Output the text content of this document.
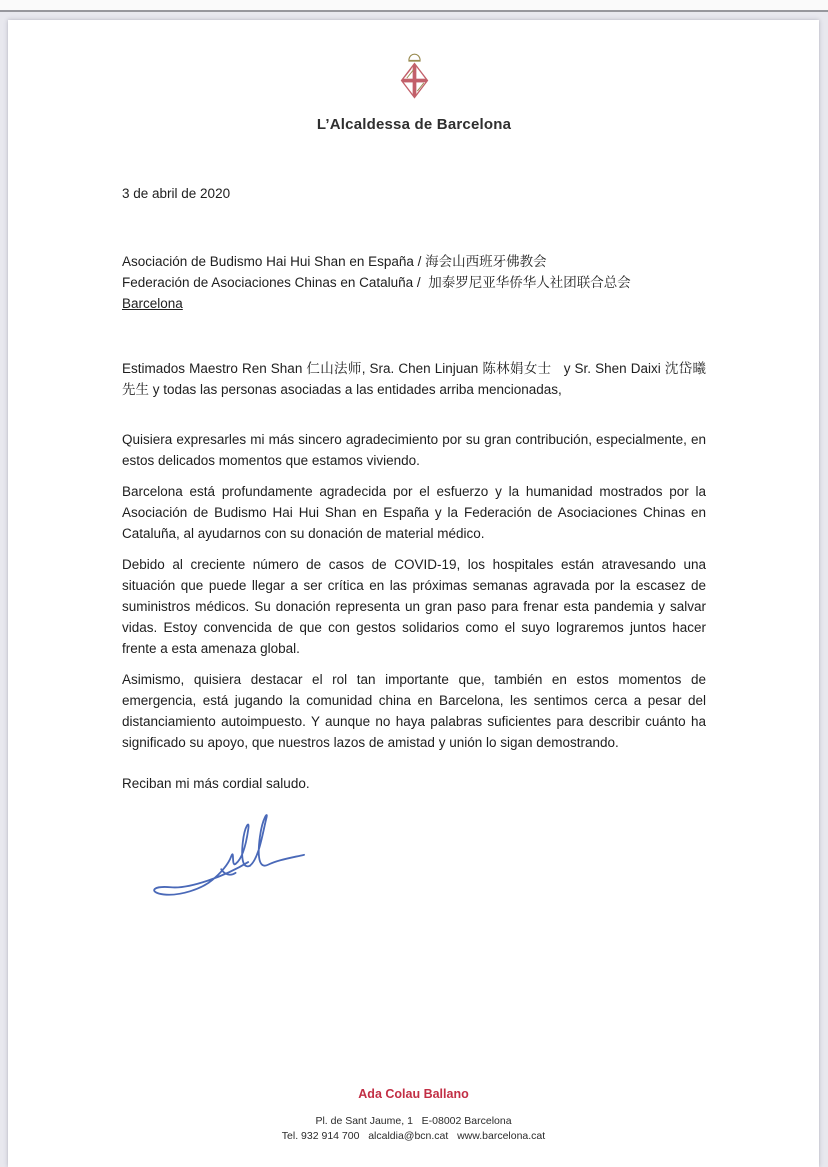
L’Alcaldessa de Barcelona
3 de abril de 2020
Asociación de Budismo Hai Hui Shan en España / 海会山西班牙佛教会
Federación de Asociaciones Chinas en Cataluña /  加泰罗尼亚华侨华人社团联合总会
Barcelona

Estimados Maestro Ren Shan 仁山法师, Sra. Chen Linjuan 陈林娟女士   y Sr. Shen Daixi 沈岱曦先生 y todas las personas asociadas a las entidades arriba mencionadas,

Quisiera expresarles mi más sincero agradecimiento por su gran contribución, especialmente, en estos delicados momentos que estamos viviendo.

Barcelona está profundamente agradecida por el esfuerzo y la humanidad mostrados por la Asociación de Budismo Hai Hui Shan en España y la Federación de Asociaciones Chinas en Cataluña, al ayudarnos con su donación de material médico.

Debido al creciente número de casos de COVID-19, los hospitales están atravesando una situación que puede llegar a ser crítica en las próximas semanas agravada por la escasez de suministros médicos. Su donación representa un gran paso para frenar esta pandemia y salvar vidas. Estoy convencida de que con gestos solidarios como el suyo lograremos juntos hacer frente a esta amenaza global.

Asimismo, quisiera destacar el rol tan importante que, también en estos momentos de emergencia, está jugando la comunidad china en Barcelona, les sentimos cerca a pesar del distanciamiento autoimpuesto. Y aunque no haya palabras suficientes para describir cuánto ha significado su apoyo, que nuestros lazos de amistad y unión lo sigan demostrando.

Reciban mi más cordial saludo.

Ada Colau Ballano
Pl. de Sant Jaume, 1   E-08002 Barcelona
Tel. 932 914 700   alcaldia@bcn.cat   www.barcelona.cat
